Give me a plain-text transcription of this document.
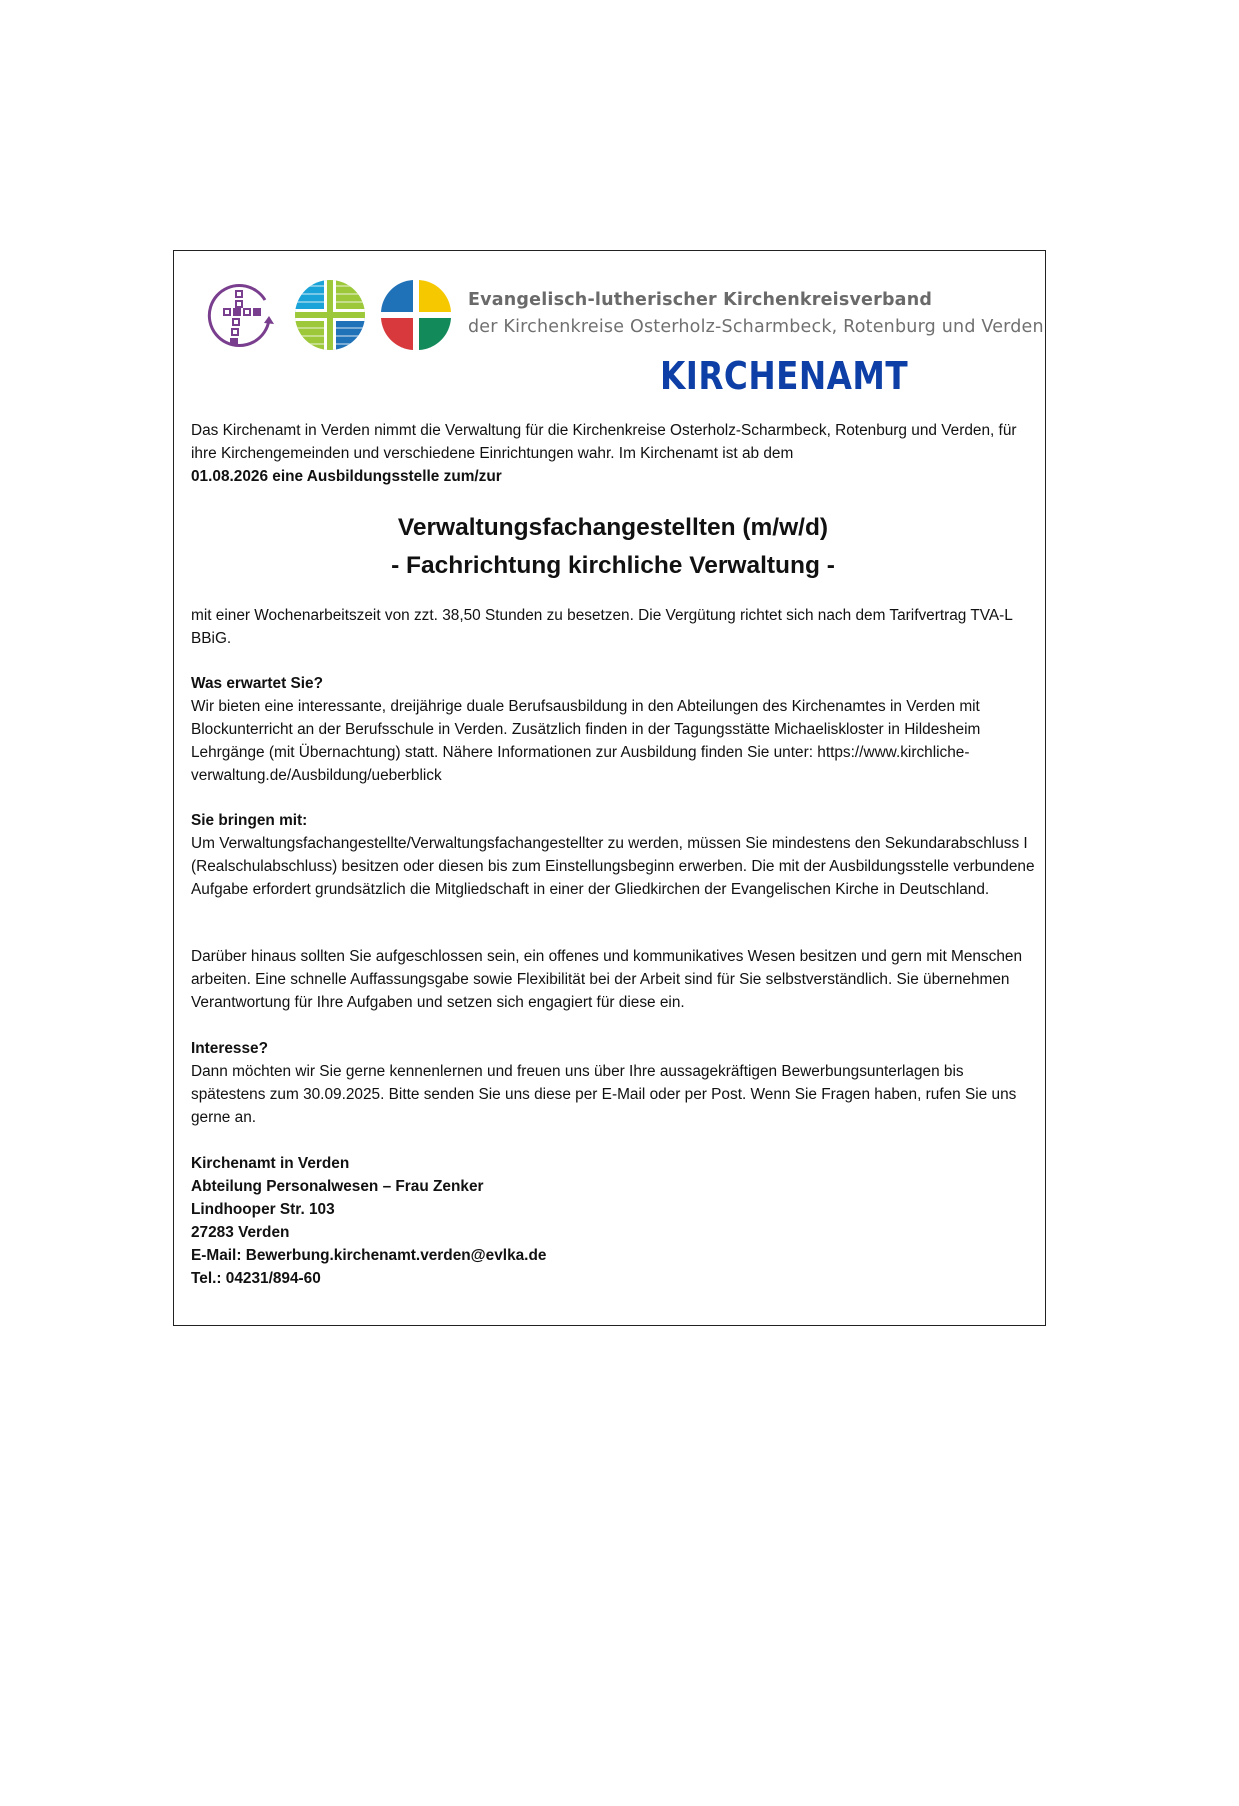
Evangelisch-lutherischer Kirchenkreisverband
der Kirchenkreise Osterholz-Scharmbeck, Rotenburg und Verden
KIRCHENAMT
Das Kirchenamt in Verden nimmt die Verwaltung für die Kirchenkreise Osterholz-Scharmbeck, Rotenburg und Verden, für ihre Kirchengemeinden und verschiedene Einrichtungen wahr. Im Kirchenamt ist ab dem
01.08.2026 eine Ausbildungsstelle zum/zur
Verwaltungsfachangestellten (m/w/d)
- Fachrichtung kirchliche Verwaltung -
mit einer Wochenarbeitszeit von zzt. 38,50 Stunden zu besetzen. Die Vergütung richtet sich nach dem Tarifvertrag TVA-L BBiG.
Was erwartet Sie?
Wir bieten eine interessante, dreijährige duale Berufsausbildung in den Abteilungen des Kirchenamtes in Verden mit Blockunterricht an der Berufsschule in Verden. Zusätzlich finden in der Tagungsstätte Michaeliskloster in Hildesheim Lehrgänge (mit Übernachtung) statt. Nähere Informationen zur Ausbildung finden Sie unter: https://www.kirchliche-verwaltung.de/Ausbildung/ueberblick
Sie bringen mit:
Um Verwaltungsfachangestellte/Verwaltungsfachangestellter zu werden, müssen Sie mindestens den Sekundarabschluss I (Realschulabschluss) besitzen oder diesen bis zum Einstellungsbeginn erwerben. Die mit der Ausbildungsstelle verbundene Aufgabe erfordert grundsätzlich die Mitgliedschaft in einer der Gliedkirchen der Evangelischen Kirche in Deutschland.
Darüber hinaus sollten Sie aufgeschlossen sein, ein offenes und kommunikatives Wesen besitzen und gern mit Menschen arbeiten. Eine schnelle Auffassungsgabe sowie Flexibilität bei der Arbeit sind für Sie selbstverständlich. Sie übernehmen Verantwortung für Ihre Aufgaben und setzen sich engagiert für diese ein.
Interesse?
Dann möchten wir Sie gerne kennenlernen und freuen uns über Ihre aussagekräftigen Bewerbungsunterlagen bis spätestens zum 30.09.2025. Bitte senden Sie uns diese per E-Mail oder per Post. Wenn Sie Fragen haben, rufen Sie uns gerne an.
Kirchenamt in Verden
Abteilung Personalwesen – Frau Zenker
Lindhooper Str. 103
27283 Verden
E-Mail: Bewerbung.kirchenamt.verden@evlka.de
Tel.: 04231/894-60
